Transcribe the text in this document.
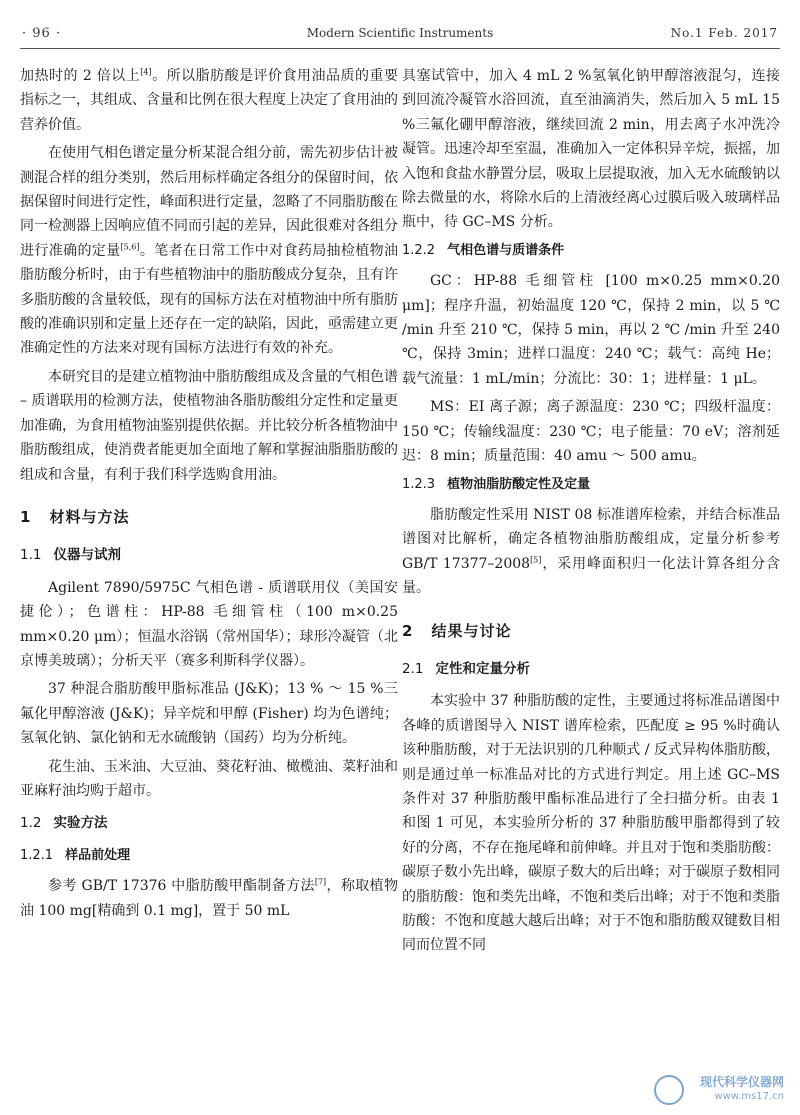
· 96 ·	Modern Scientific Instruments	No.1 Feb. 2017

加热时的 2 倍以上[4]。所以脂肪酸是评价食用油品质的重要指标之一，其组成、含量和比例在很大程度上决定了食用油的营养价值。

在使用气相色谱定量分析某混合组分前，需先初步估计被测混合样的组分类别，然后用标样确定各组分的保留时间，依据保留时间进行定性，峰面积进行定量，忽略了不同脂肪酸在同一检测器上因响应值不同而引起的差异，因此很难对各组分进行准确的定量[5,6]。笔者在日常工作中对食药局抽检植物油脂肪酸分析时，由于有些植物油中的脂肪酸成分复杂，且有许多脂肪酸的含量较低，现有的国标方法在对植物油中所有脂肪酸的准确识别和定量上还存在一定的缺陷，因此，亟需建立更准确定性的方法来对现有国标方法进行有效的补充。

本研究目的是建立植物油中脂肪酸组成及含量的气相色谱 – 质谱联用的检测方法，使植物油各脂肪酸组分定性和定量更加准确，为食用植物油鉴别提供依据。并比较分析各植物油中脂肪酸组成，使消费者能更加全面地了解和掌握油脂脂肪酸的组成和含量，有利于我们科学选购食用油。

1 材料与方法
1.1 仪器与试剂

Agilent 7890/5975C 气相色谱 - 质谱联用仪（美国安捷伦）；色谱柱：HP-88 毛细管柱（100 m×0.25 mm×0.20 μm）；恒温水浴锅（常州国华）；球形冷凝管（北京博美玻璃）；分析天平（赛多利斯科学仪器）。

37 种混合脂肪酸甲脂标准品 (J&K)；13 % ～ 15 %三氟化甲醇溶液 (J&K)；异辛烷和甲醇 (Fisher) 均为色谱纯；氢氧化钠、氯化钠和无水硫酸钠（国药）均为分析纯。

花生油、玉米油、大豆油、葵花籽油、橄榄油、菜籽油和亚麻籽油均购于超市。

1.2 实验方法
1.2.1 样品前处理

参考 GB/T 17376 中脂肪酸甲酯制备方法[7]，称取植物油 100 mg[精确到 0.1 mg]，置于 50 mL

具塞试管中，加入 4 mL 2 %氢氧化钠甲醇溶液混匀，连接到回流冷凝管水浴回流，直至油滴消失，然后加入 5 mL 15 %三氟化硼甲醇溶液，继续回流 2 min，用去离子水冲洗冷凝管。迅速冷却至室温，准确加入一定体积异辛烷，振摇，加入饱和食盐水静置分层，吸取上层提取液，加入无水硫酸钠以除去微量的水，将除水后的上清液经离心过膜后吸入玻璃样品瓶中，待 GC–MS 分析。

1.2.2 气相色谱与质谱条件

GC：HP-88 毛细管柱 [100 m×0.25 mm×0.20 μm]；程序升温，初始温度 120 ℃，保持 2 min，以 5 ℃ /min 升至 210 ℃，保持 5 min，再以 2 ℃ /min 升至 240 ℃，保持 3min；进样口温度：240 ℃；载气：高纯 He；载气流量：1 mL/min；分流比：30：1；进样量：1 μL。

MS：EI 离子源；离子源温度：230 ℃；四级杆温度：150 ℃；传输线温度：230 ℃；电子能量：70 eV；溶剂延迟：8 min；质量范围：40 amu ～ 500 amu。

1.2.3 植物油脂肪酸定性及定量

脂肪酸定性采用 NIST 08 标准谱库检索，并结合标准品谱图对比解析，确定各植物油脂肪酸组成，定量分析参考 GB/T 17377–2008[5]，采用峰面积归一化法计算各组分含量。

2 结果与讨论
2.1 定性和定量分析

本实验中 37 种脂肪酸的定性，主要通过将标准品谱图中各峰的质谱图导入 NIST 谱库检索，匹配度 ≥ 95 %时确认该种脂肪酸，对于无法识别的几种顺式 / 反式异构体脂肪酸，则是通过单一标准品对比的方式进行判定。用上述 GC–MS 条件对 37 种脂肪酸甲酯标准品进行了全扫描分析。由表 1 和图 1 可见，本实验所分析的 37 种脂肪酸甲脂都得到了较好的分离，不存在拖尾峰和前伸峰。并且对于饱和类脂肪酸：碳原子数小先出峰，碳原子数大的后出峰；对于碳原子数相同的脂肪酸：饱和类先出峰，不饱和类后出峰；对于不饱和类脂肪酸：不饱和度越大越后出峰；对于不饱和脂肪酸双键数目相同而位置不同

现代科学仪器网
www.ms17.cn
